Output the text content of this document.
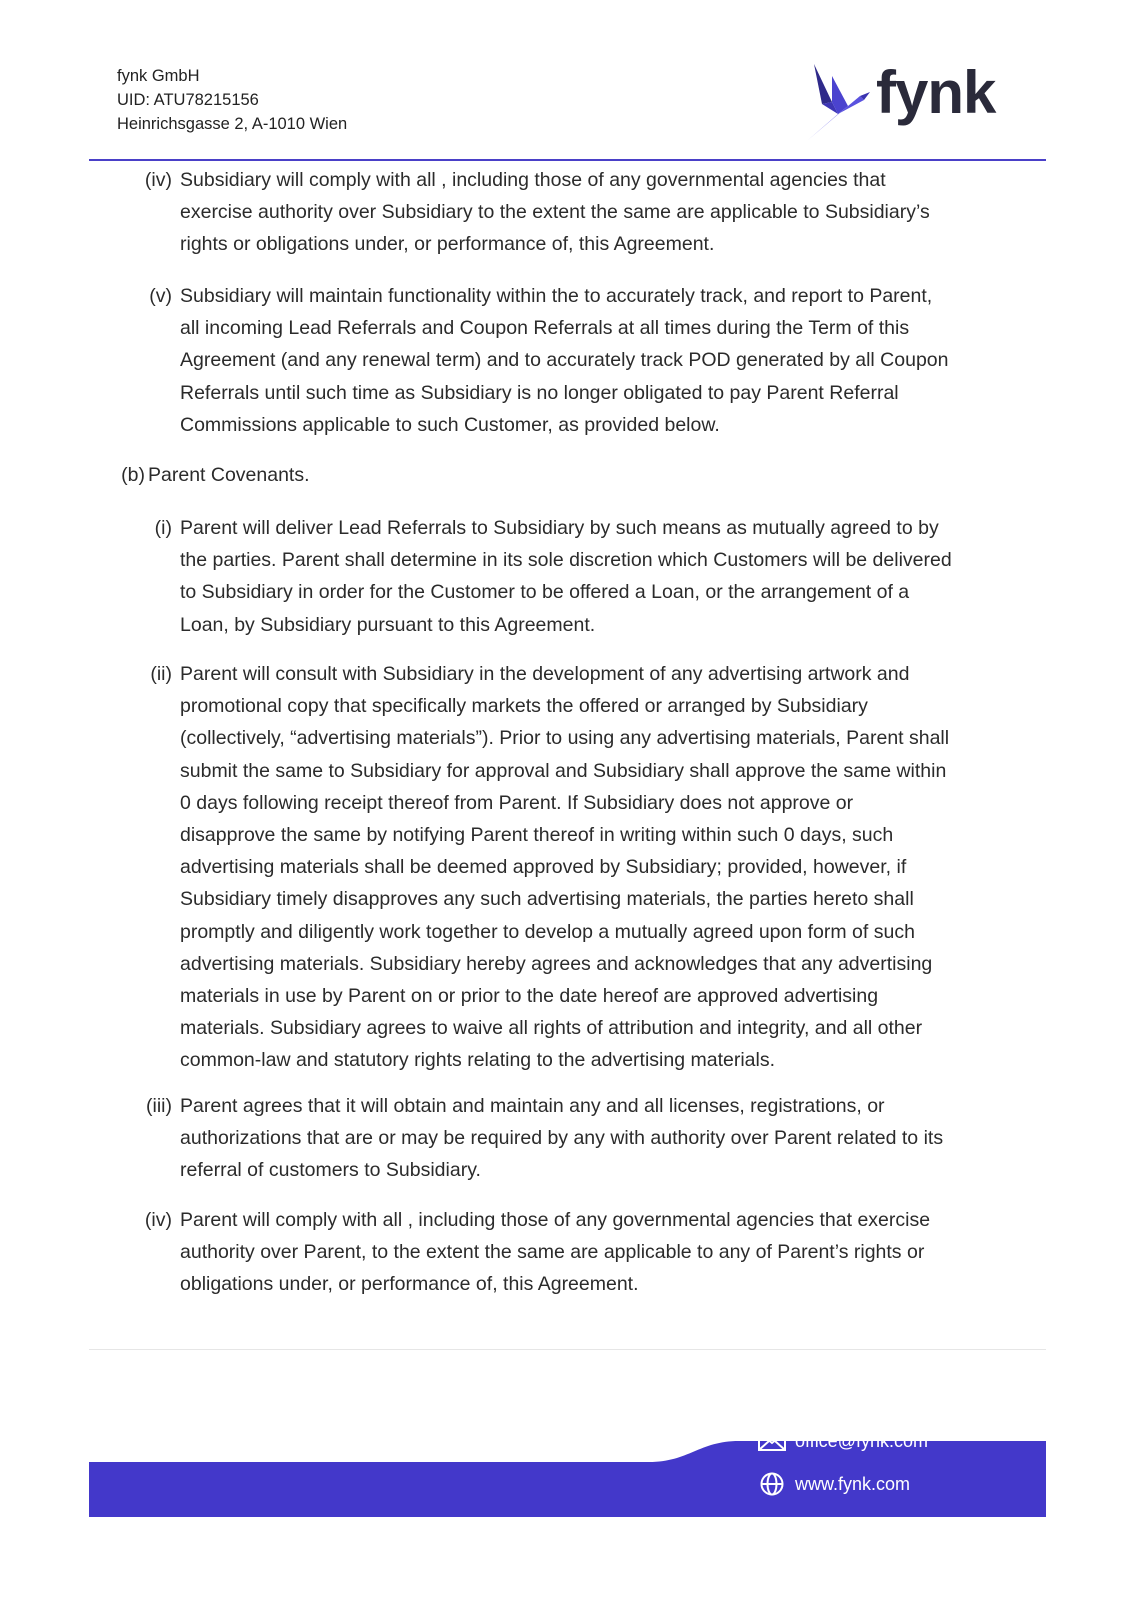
fynk GmbH
UID: ATU78215156
Heinrichsgasse 2, A-1010 Wien	fynk
(iv) Subsidiary will comply with all , including those of any governmental agencies that
exercise authority over Subsidiary to the extent the same are applicable to Subsidiary’s
rights or obligations under, or performance of, this Agreement.
(v) Subsidiary will maintain functionality within the to accurately track, and report to Parent,
all incoming Lead Referrals and Coupon Referrals at all times during the Term of this
Agreement (and any renewal term) and to accurately track POD generated by all Coupon
Referrals until such time as Subsidiary is no longer obligated to pay Parent Referral
Commissions applicable to such Customer, as provided below.
(b) Parent Covenants.
(i) Parent will deliver Lead Referrals to Subsidiary by such means as mutually agreed to by
the parties. Parent shall determine in its sole discretion which Customers will be delivered
to Subsidiary in order for the Customer to be offered a Loan, or the arrangement of a
Loan, by Subsidiary pursuant to this Agreement.
(ii) Parent will consult with Subsidiary in the development of any advertising artwork and
promotional copy that specifically markets the offered or arranged by Subsidiary
(collectively, “advertising materials”). Prior to using any advertising materials, Parent shall
submit the same to Subsidiary for approval and Subsidiary shall approve the same within
0 days following receipt thereof from Parent. If Subsidiary does not approve or
disapprove the same by notifying Parent thereof in writing within such 0 days, such
advertising materials shall be deemed approved by Subsidiary; provided, however, if
Subsidiary timely disapproves any such advertising materials, the parties hereto shall
promptly and diligently work together to develop a mutually agreed upon form of such
advertising materials. Subsidiary hereby agrees and acknowledges that any advertising
materials in use by Parent on or prior to the date hereof are approved advertising
materials. Subsidiary agrees to waive all rights of attribution and integrity, and all other
common-law and statutory rights relating to the advertising materials.
(iii) Parent agrees that it will obtain and maintain any and all licenses, registrations, or
authorizations that are or may be required by any with authority over Parent related to its
referral of customers to Subsidiary.
(iv) Parent will comply with all , including those of any governmental agencies that exercise
authority over Parent, to the extent the same are applicable to any of Parent’s rights or
obligations under, or performance of, this Agreement.
office@fynk.com
www.fynk.com
